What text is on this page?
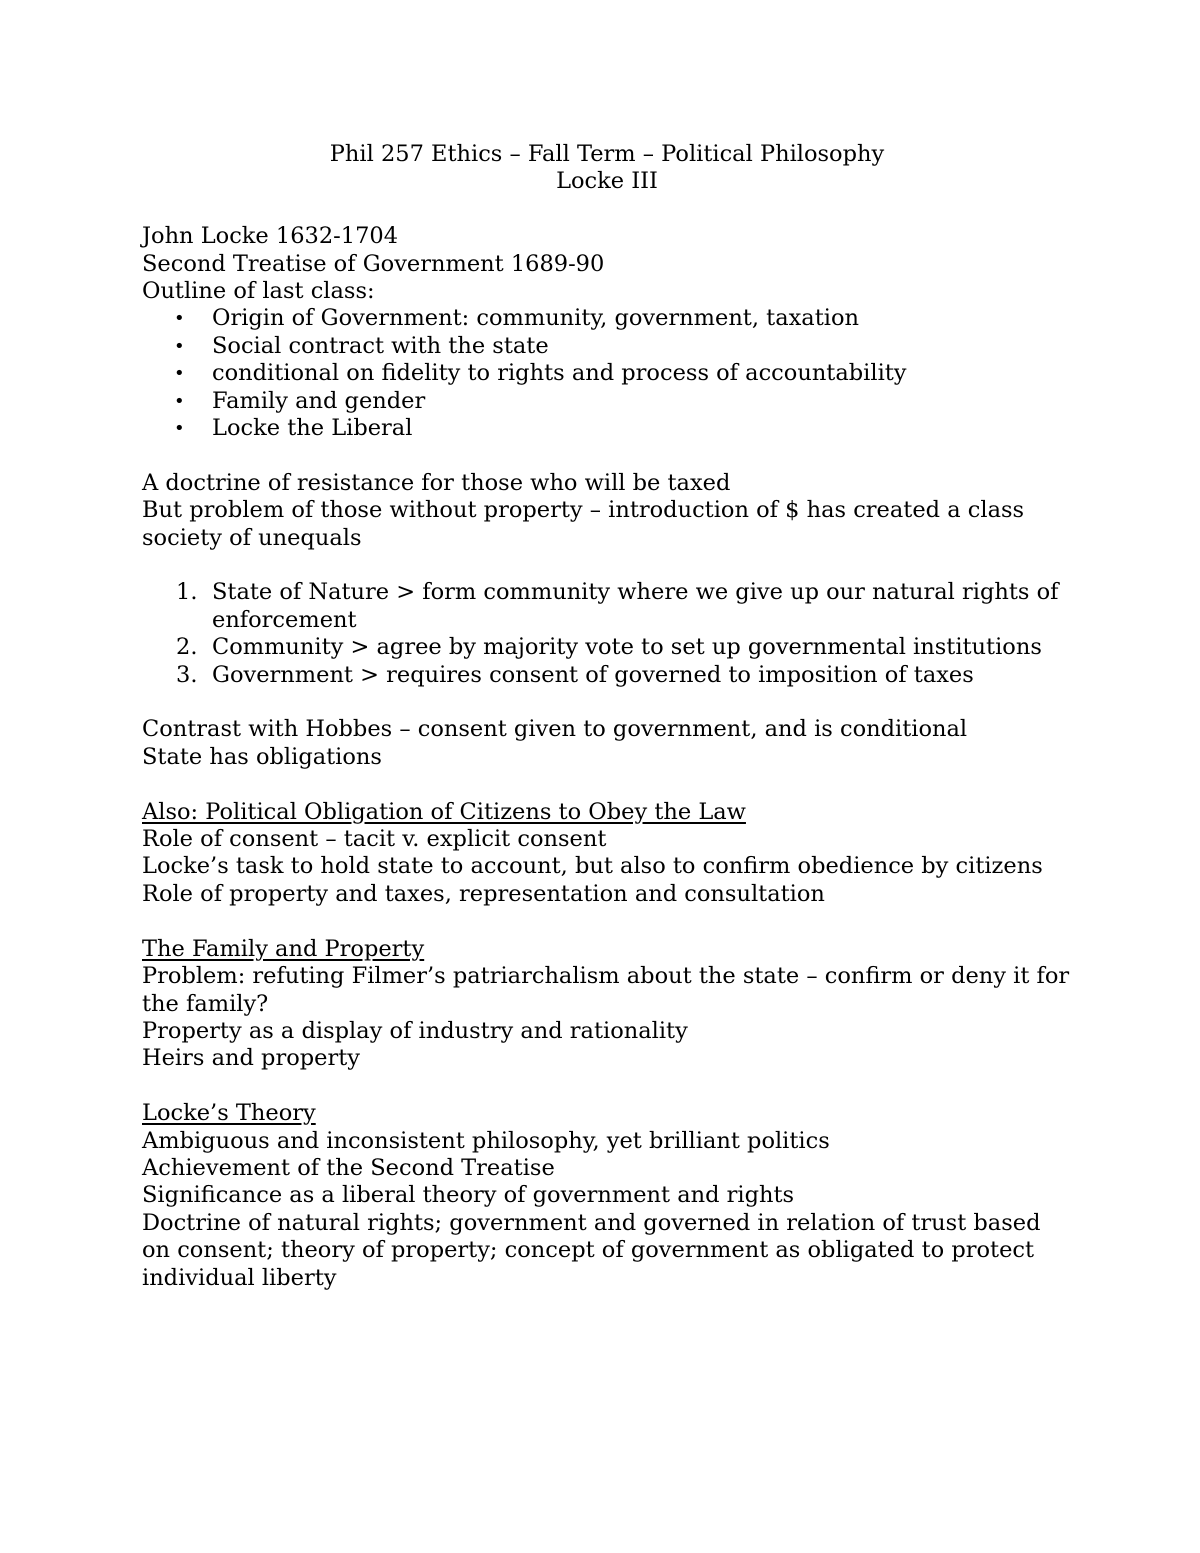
Phil 257 Ethics – Fall Term – Political Philosophy

Locke III

John Locke 1632-1704

Second Treatise of Government 1689-90

Outline of last class:

• Origin of Government: community, government, taxation
• Social contract with the state
• conditional on fidelity to rights and process of accountability
• Family and gender
• Locke the Liberal

A doctrine of resistance for those who will be taxed

But problem of those without property – introduction of $ has created a class society of unequals

1. State of Nature > form community where we give up our natural rights of enforcement
2. Community > agree by majority vote to set up governmental institutions
3. Government > requires consent of governed to imposition of taxes

Contrast with Hobbes – consent given to government, and is conditional

State has obligations

Also: Political Obligation of Citizens to Obey the Law

Role of consent – tacit v. explicit consent

Locke’s task to hold state to account, but also to confirm obedience by citizens

Role of property and taxes, representation and consultation

The Family and Property

Problem: refuting Filmer’s patriarchalism about the state – confirm or deny it for the family?

Property as a display of industry and rationality

Heirs and property

Locke’s Theory

Ambiguous and inconsistent philosophy, yet brilliant politics

Achievement of the Second Treatise

Significance as a liberal theory of government and rights

Doctrine of natural rights; government and governed in relation of trust based on consent; theory of property; concept of government as obligated to protect individual liberty
